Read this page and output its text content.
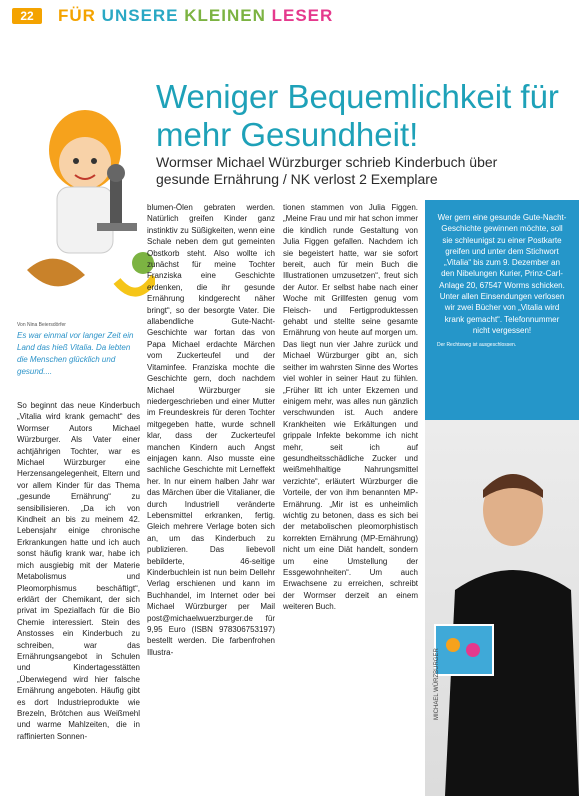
22	FÜR UNSERE KLEINEN LESER
Weniger Bequemlichkeit für mehr Gesundheit!
Wormser Michael Würzburger schrieb Kinderbuch über gesunde Ernährung / NK verlost 2 Exemplare
Von Nina Beiersdörfer
Es war einmal vor langer Zeit ein Land das hieß Vitalia. Da lebten die Menschen glücklich und gesund....

So beginnt das neue Kinderbuch „Vitalia wird krank gemacht“ des Wormser Autors Michael Würzburger. Als Vater einer achtjährigen Tochter, war es Michael Würzburger eine Herzensangelegenheit, Eltern und vor allem Kinder für das Thema „gesunde Ernährung“ zu sensibilisieren. „Da ich von Kindheit an bis zu meinem 42. Lebensjahr einige chronische Erkrankungen hatte und ich auch sonst häufig krank war, habe ich mich ausgiebig mit der Materie Metabolismus und Pleomorphismus beschäftigt“, erklärt der Chemikant, der sich privat im Spezialfach für die Bio Chemie interessiert. Stein des Anstosses ein Kinderbuch zu schreiben, war das Ernährungsangebot in Schulen und Kindertagesstätten „Überwiegend wird hier falsche Ernährung angeboten. Häufig gibt es dort Industrieprodukte wie Brezeln, Brötchen aus Weißmehl und warme Mahlzeiten, die in raffinierten Sonnen-

blumen-Ölen gebraten werden. Natürlich greifen Kinder ganz instinktiv zu Süßigkeiten, wenn eine Schale neben dem gut gemeinten Obstkorb steht. Also wollte ich zunächst für meine Tochter Franziska eine Geschichte erdenken, die ihr gesunde Ernährung kindgerecht näher bringt“, so der besorgte Vater. Die allabendliche Gute-Nacht-Geschichte war fortan das von Papa Michael erdachte Märchen vom Zuckerteufel und der Vitaminfee. Franziska mochte die Geschichte gern, doch nachdem Michael Würzburger sie niedergeschrieben und einer Mutter im Freundeskreis für deren Tochter mitgegeben hatte, wurde schnell klar, dass der Zuckerteufel manchen Kindern auch Angst einjagen kann. Also musste eine sachliche Geschichte mit Lerneffekt her. In nur einem halben Jahr war das Märchen über die Vitalianer, die durch Industriell veränderte Lebensmittel erkranken, fertig. Gleich mehrere Verlage boten sich an, um das Kinderbuch zu publizieren. Das liebevoll bebilderte, 46-seitige Kinderbuchlein ist nun beim Dellehr Verlag erschienen und kann im Buchhandel, im Internet oder bei Michael Würzburger per Mail post@michaelwuerzburger.de für 9,95 Euro (ISBN 978306753197) bestellt werden. Die farbenfrohen Illustra-

tionen stammen von Julia Figgen. „Meine Frau und mir hat schon immer die kindlich runde Gestaltung von Julia Figgen gefallen. Nachdem ich sie begeistert hatte, war sie sofort bereit, auch für mein Buch die Illustrationen umzusetzen“, freut sich der Autor. Er selbst habe nach einer Woche mit Grillfesten genug vom Fleisch- und Fertigproduktessen gehabt und stellte seine gesamte Ernährung von heute auf morgen um. Das liegt nun vier Jahre zurück und Michael Würzburger gibt an, sich seither im wahrsten Sinne des Wortes viel wohler in seiner Haut zu fühlen. „Früher litt ich unter Ekzemen und einigem mehr, was alles nun gänzlich verschwunden ist. Auch andere Krankheiten wie Erkältungen und grippale Infekte bekomme ich nicht mehr, seit ich auf gesundheitsschädliche Zucker und weißmehlhaltige Nahrungsmittel verzichte“, erläutert Würzburger die Vorteile, der von ihm benannten MP-Ernährung. „Mir ist es unheimlich wichtig zu betonen, dass es sich bei der metabolischen pleomorphistisch korrekten Ernährung (MP-Ernährung) nicht um eine Diät handelt, sondern um eine Umstellung der Essgewohnheiten“. Um auch Erwachsene zu erreichen, schreibt der Wormser derzeit an einem weiteren Buch.

Wer gern eine gesunde Gute-Nacht-Geschichte gewinnen möchte, soll sie schleunigst zu einer Postkarte greifen und unter dem Stichwort „Vitalia“ bis zum 9. Dezember an den Nibelungen Kurier, Prinz-Carl-Anlage 20, 67547 Worms schicken. Unter allen Einsendungen verlosen wir zwei Bücher von „Vitalia wird krank gemacht“. Telefonnummer nicht vergessen!
Der Rechtsweg ist ausgeschlossen.
MICHAEL WÜRZBURGER
